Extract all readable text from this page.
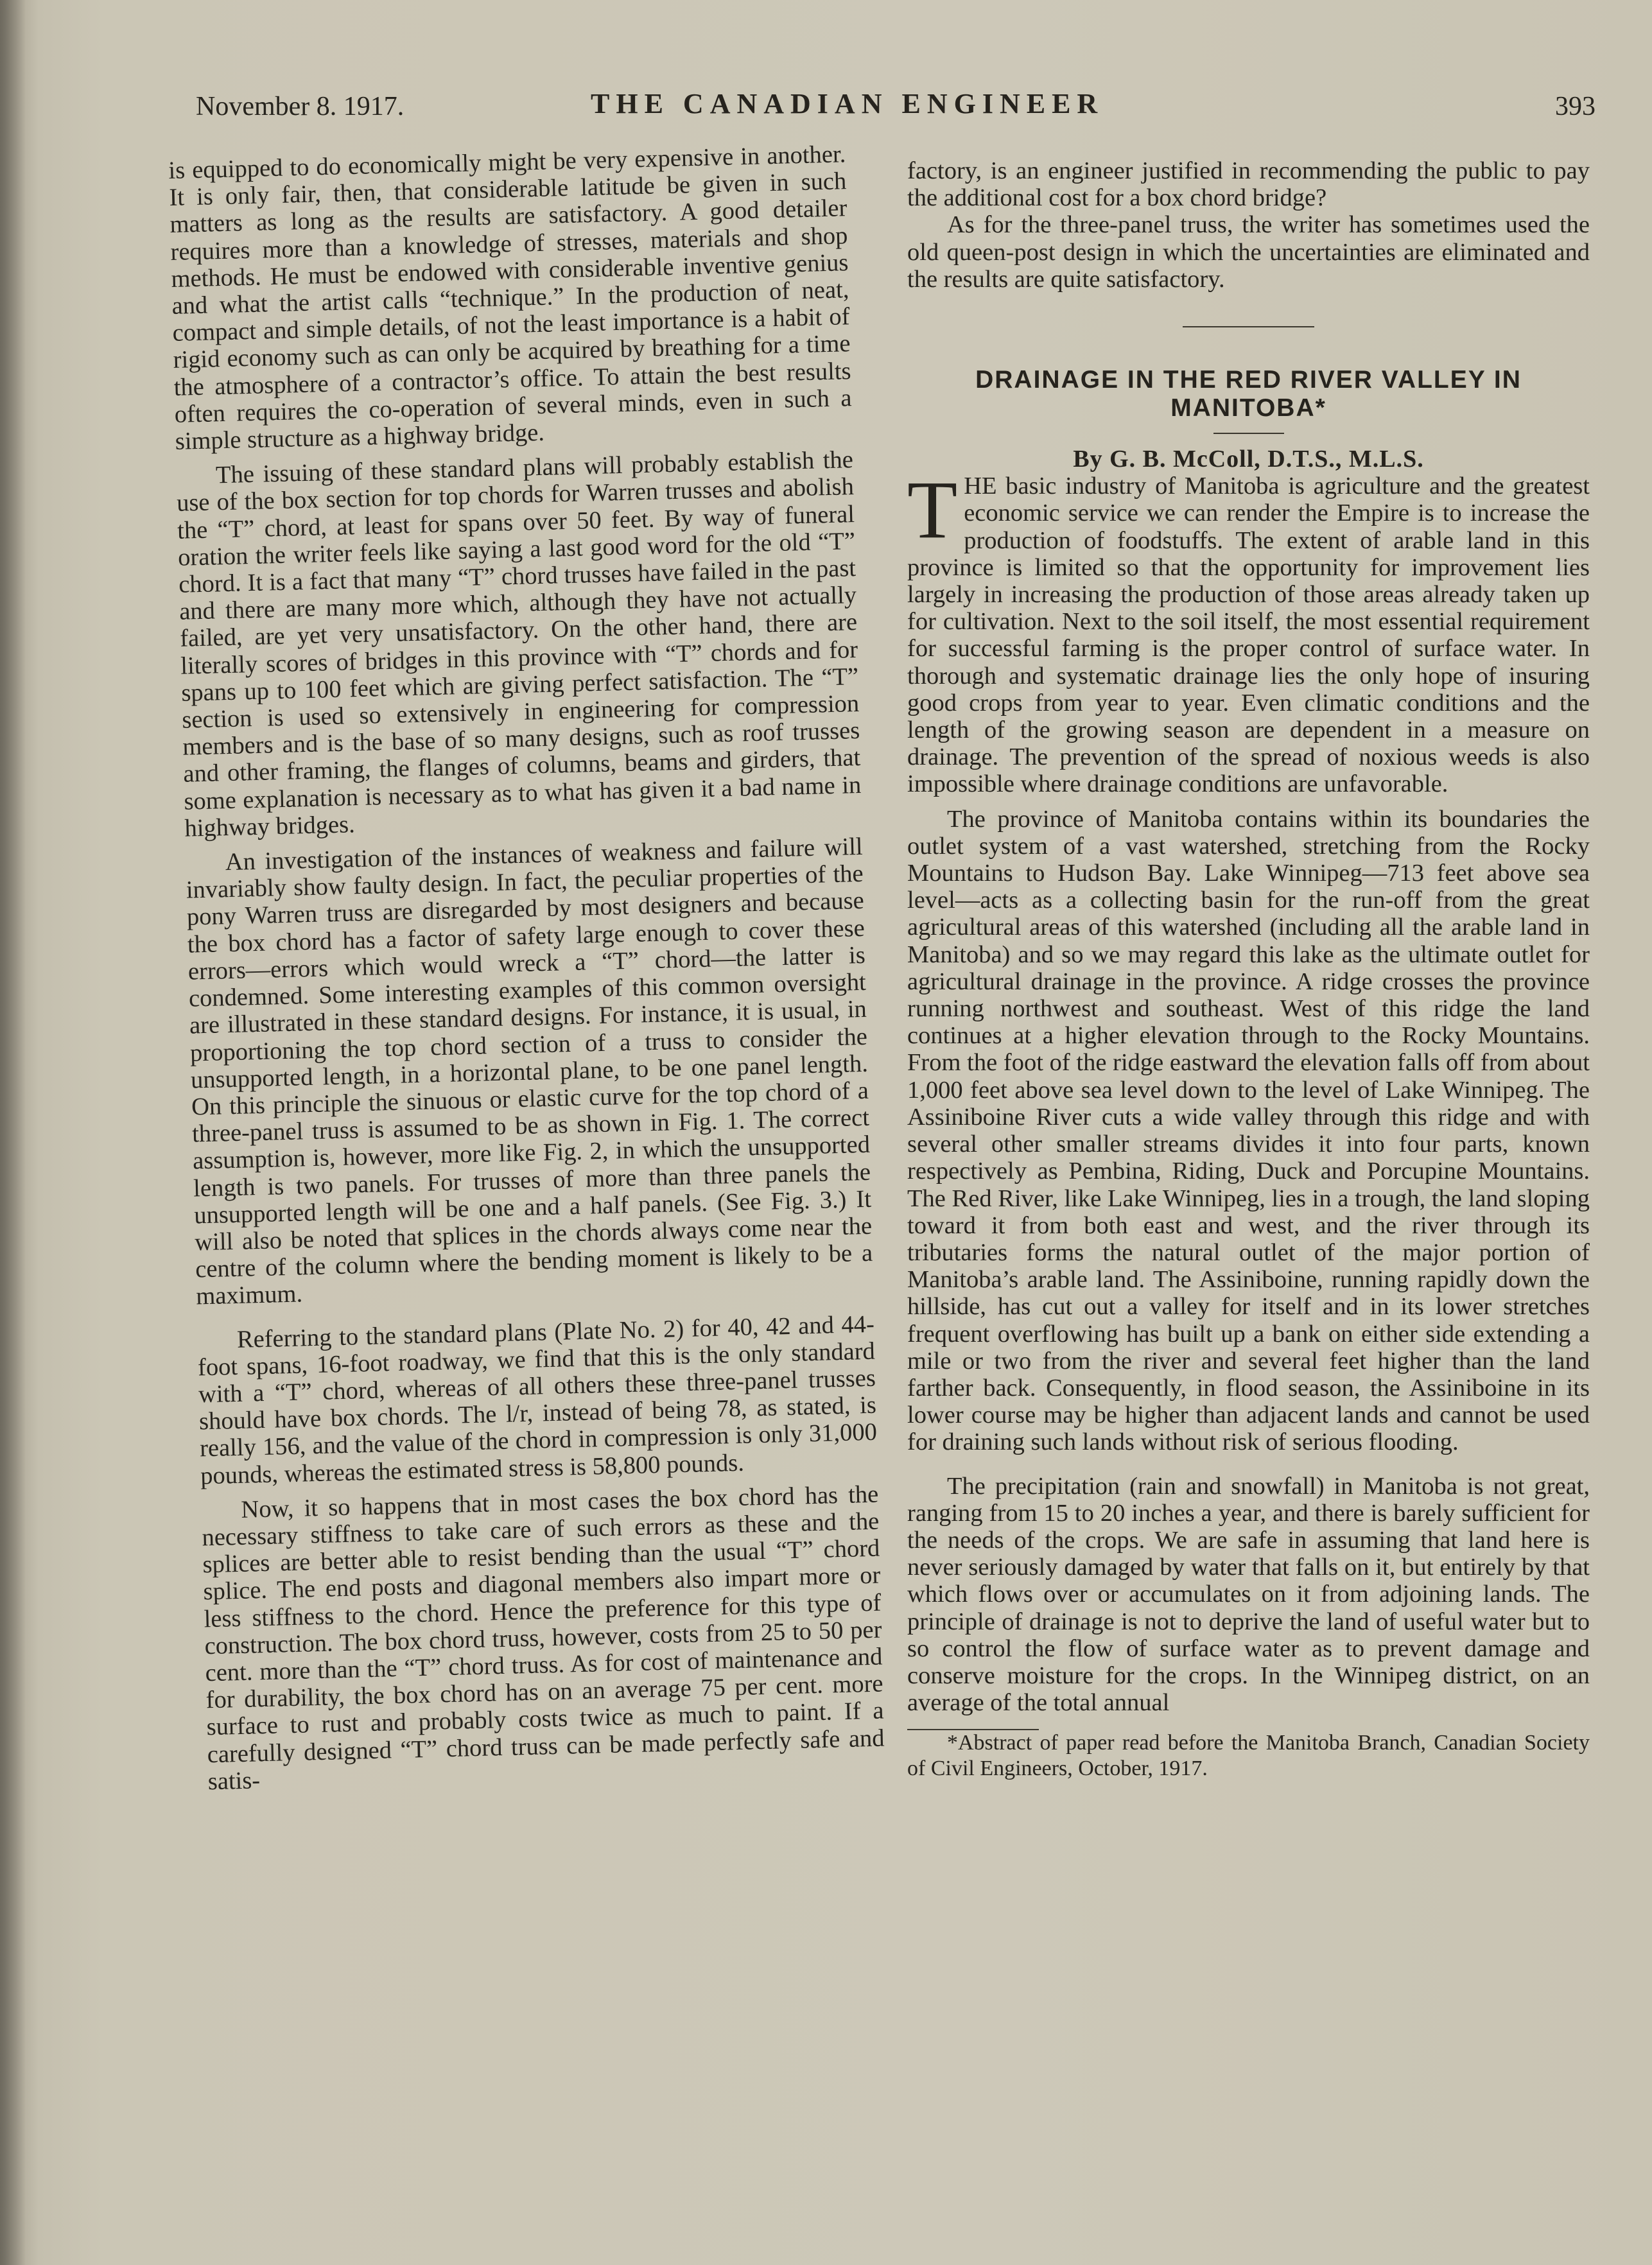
November 8. 1917.	THE CANADIAN ENGINEER	393

is equipped to do economically might be very expensive in another. It is only fair, then, that considerable latitude be given in such matters as long as the results are satisfactory. A good detailer requires more than a knowledge of stresses, materials and shop methods. He must be endowed with considerable inventive genius and what the artist calls “technique.” In the production of neat, compact and simple details, of not the least importance is a habit of rigid economy such as can only be acquired by breathing for a time the atmosphere of a contractor’s office. To attain the best results often requires the co-operation of several minds, even in such a simple structure as a highway bridge.

The issuing of these standard plans will probably establish the use of the box section for top chords for Warren trusses and abolish the “T” chord, at least for spans over 50 feet. By way of funeral oration the writer feels like saying a last good word for the old “T” chord. It is a fact that many “T” chord trusses have failed in the past and there are many more which, although they have not actually failed, are yet very unsatisfactory. On the other hand, there are literally scores of bridges in this province with “T” chords and for spans up to 100 feet which are giving perfect satisfaction. The “T” section is used so extensively in engineering for compression members and is the base of so many designs, such as roof trusses and other framing, the flanges of columns, beams and girders, that some explanation is necessary as to what has given it a bad name in highway bridges.

An investigation of the instances of weakness and failure will invariably show faulty design. In fact, the peculiar properties of the pony Warren truss are disregarded by most designers and because the box chord has a factor of safety large enough to cover these errors—errors which would wreck a “T” chord—the latter is condemned. Some interesting examples of this common oversight are illustrated in these standard designs. For instance, it is usual, in proportioning the top chord section of a truss to consider the unsupported length, in a horizontal plane, to be one panel length. On this principle the sinuous or elastic curve for the top chord of a three-panel truss is assumed to be as shown in Fig. 1. The correct assumption is, however, more like Fig. 2, in which the unsupported length is two panels. For trusses of more than three panels the unsupported length will be one and a half panels. (See Fig. 3.) It will also be noted that splices in the chords always come near the centre of the column where the bending moment is likely to be a maximum.

Referring to the standard plans (Plate No. 2) for 40, 42 and 44-foot spans, 16-foot roadway, we find that this is the only standard with a “T” chord, whereas of all others these three-panel trusses should have box chords. The l/r, instead of being 78, as stated, is really 156, and the value of the chord in compression is only 31,000 pounds, whereas the estimated stress is 58,800 pounds.

Now, it so happens that in most cases the box chord has the necessary stiffness to take care of such errors as these and the splices are better able to resist bending than the usual “T” chord splice. The end posts and diagonal members also impart more or less stiffness to the chord. Hence the preference for this type of construction. The box chord truss, however, costs from 25 to 50 per cent. more than the “T” chord truss. As for cost of maintenance and for durability, the box chord has on an average 75 per cent. more surface to rust and probably costs twice as much to paint. If a carefully designed “T” chord truss can be made perfectly safe and satis-

factory, is an engineer justified in recommending the public to pay the additional cost for a box chord bridge?

As for the three-panel truss, the writer has sometimes used the old queen-post design in which the uncertainties are eliminated and the results are quite satisfactory.

DRAINAGE IN THE RED RIVER VALLEY IN MANITOBA*
By G. B. McColl, D.T.S., M.L.S.

THE basic industry of Manitoba is agriculture and the greatest economic service we can render the Empire is to increase the production of foodstuffs. The extent of arable land in this province is limited so that the opportunity for improvement lies largely in increasing the production of those areas already taken up for cultivation. Next to the soil itself, the most essential requirement for successful farming is the proper control of surface water. In thorough and systematic drainage lies the only hope of insuring good crops from year to year. Even climatic conditions and the length of the growing season are dependent in a measure on drainage. The prevention of the spread of noxious weeds is also impossible where drainage conditions are unfavorable.

The province of Manitoba contains within its boundaries the outlet system of a vast watershed, stretching from the Rocky Mountains to Hudson Bay. Lake Winnipeg—713 feet above sea level—acts as a collecting basin for the run-off from the great agricultural areas of this watershed (including all the arable land in Manitoba) and so we may regard this lake as the ultimate outlet for agricultural drainage in the province. A ridge crosses the province running northwest and southeast. West of this ridge the land continues at a higher elevation through to the Rocky Mountains. From the foot of the ridge eastward the elevation falls off from about 1,000 feet above sea level down to the level of Lake Winnipeg. The Assiniboine River cuts a wide valley through this ridge and with several other smaller streams divides it into four parts, known respectively as Pembina, Riding, Duck and Porcupine Mountains. The Red River, like Lake Winnipeg, lies in a trough, the land sloping toward it from both east and west, and the river through its tributaries forms the natural outlet of the major portion of Manitoba’s arable land. The Assiniboine, running rapidly down the hillside, has cut out a valley for itself and in its lower stretches frequent overflowing has built up a bank on either side extending a mile or two from the river and several feet higher than the land farther back. Consequently, in flood season, the Assiniboine in its lower course may be higher than adjacent lands and cannot be used for draining such lands without risk of serious flooding.

The precipitation (rain and snowfall) in Manitoba is not great, ranging from 15 to 20 inches a year, and there is barely sufficient for the needs of the crops. We are safe in assuming that land here is never seriously damaged by water that falls on it, but entirely by that which flows over or accumulates on it from adjoining lands. The principle of drainage is not to deprive the land of useful water but to so control the flow of surface water as to prevent damage and conserve moisture for the crops. In the Winnipeg district, on an average of the total annual

*Abstract of paper read before the Manitoba Branch, Canadian Society of Civil Engineers, October, 1917.
